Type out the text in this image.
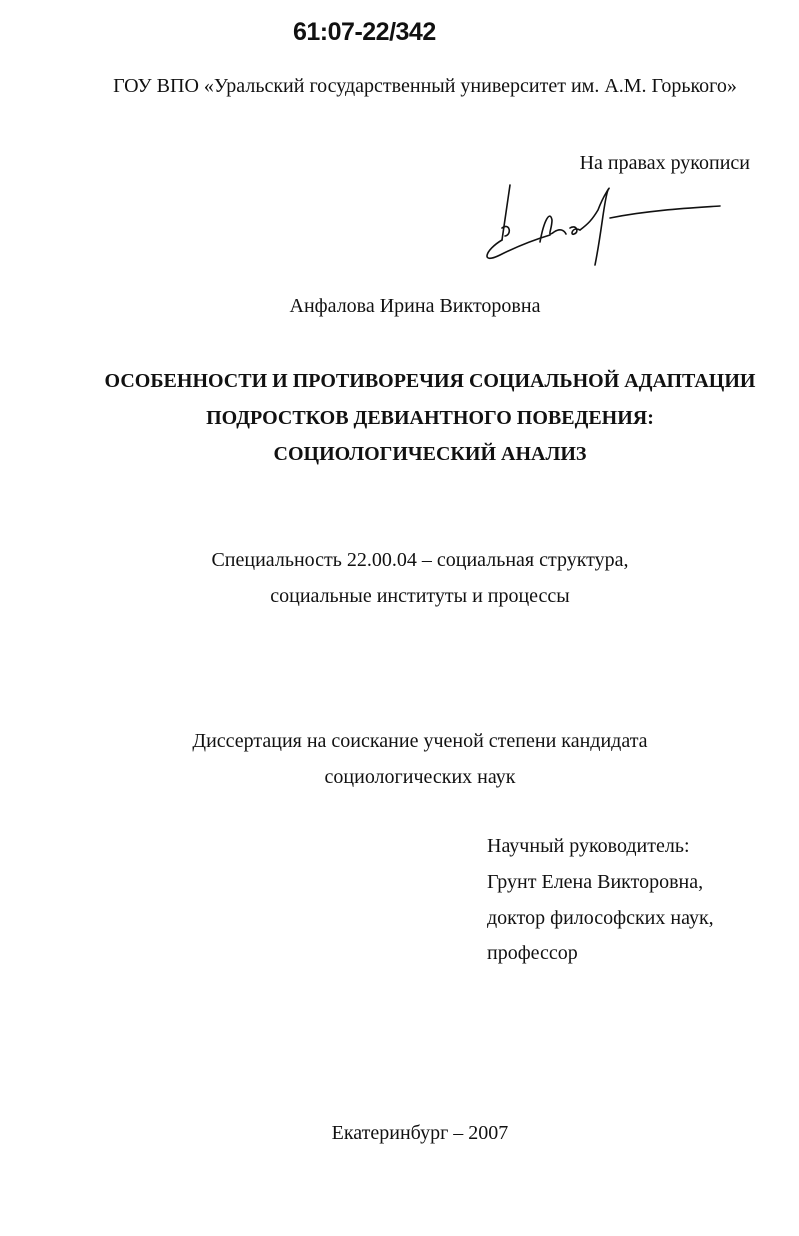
61:07-22/342
ГОУ ВПО «Уральский государственный университет им. А.М. Горького»
На правах рукописи
Анфалова Ирина Викторовна
ОСОБЕННОСТИ И ПРОТИВОРЕЧИЯ СОЦИАЛЬНОЙ АДАПТАЦИИ
ПОДРОСТКОВ ДЕВИАНТНОГО ПОВЕДЕНИЯ:
СОЦИОЛОГИЧЕСКИЙ АНАЛИЗ
Специальность 22.00.04 – социальная структура,
социальные институты и процессы
Диссертация на соискание ученой степени кандидата
социологических наук
Научный руководитель:
Грунт Елена Викторовна,
доктор философских наук,
профессор
Екатеринбург – 2007
